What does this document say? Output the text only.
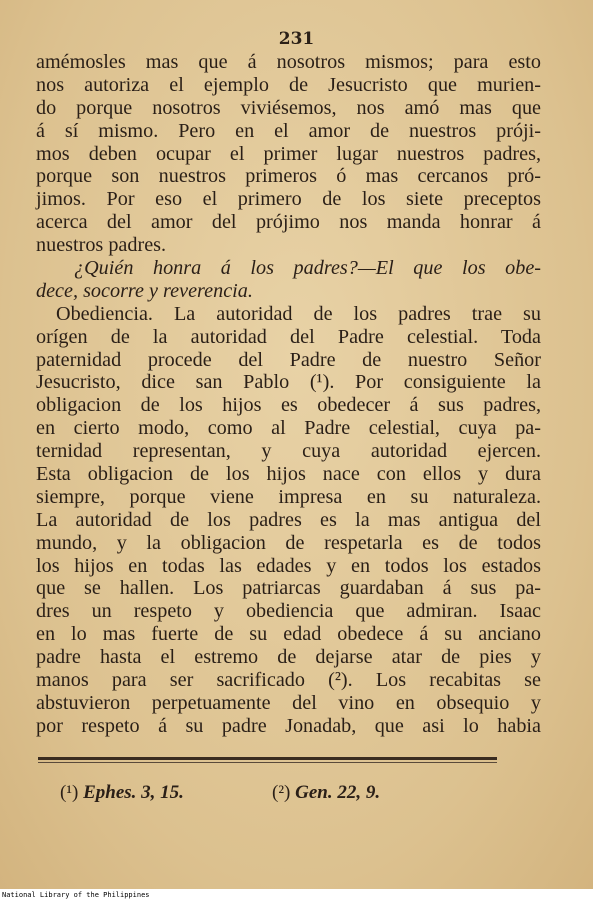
231
amémosles mas que á nosotros mismos; para esto
nos autoriza el ejemplo de Jesucristo que murien-
do porque nosotros viviésemos, nos amó mas que
á sí mismo. Pero en el amor de nuestros próji-
mos deben ocupar el primer lugar nuestros padres,
porque son nuestros primeros ó mas cercanos pró-
jimos. Por eso el primero de los siete preceptos
acerca del amor del prójimo nos manda honrar á
nuestros padres.
¿Quién honra á los padres?—El que los obe-
dece, socorre y reverencia.
Obediencia. La autoridad de los padres trae su
orígen de la autoridad del Padre celestial. Toda
paternidad procede del Padre de nuestro Señor
Jesucristo, dice san Pablo (¹). Por consiguiente la
obligacion de los hijos es obedecer á sus padres,
en cierto modo, como al Padre celestial, cuya pa-
ternidad representan, y cuya autoridad ejercen.
Esta obligacion de los hijos nace con ellos y dura
siempre, porque viene impresa en su naturaleza.
La autoridad de los padres es la mas antigua del
mundo, y la obligacion de respetarla es de todos
los hijos en todas las edades y en todos los estados
que se hallen. Los patriarcas guardaban á sus pa-
dres un respeto y obediencia que admiran. Isaac
en lo mas fuerte de su edad obedece á su anciano
padre hasta el estremo de dejarse atar de pies y
manos para ser sacrificado (²). Los recabitas se
abstuvieron perpetuamente del vino en obsequio y
por respeto á su padre Jonadab, que asi lo habia
(¹) Ephes. 3, 15.	(²) Gen. 22, 9.
National Library of the Philippines
